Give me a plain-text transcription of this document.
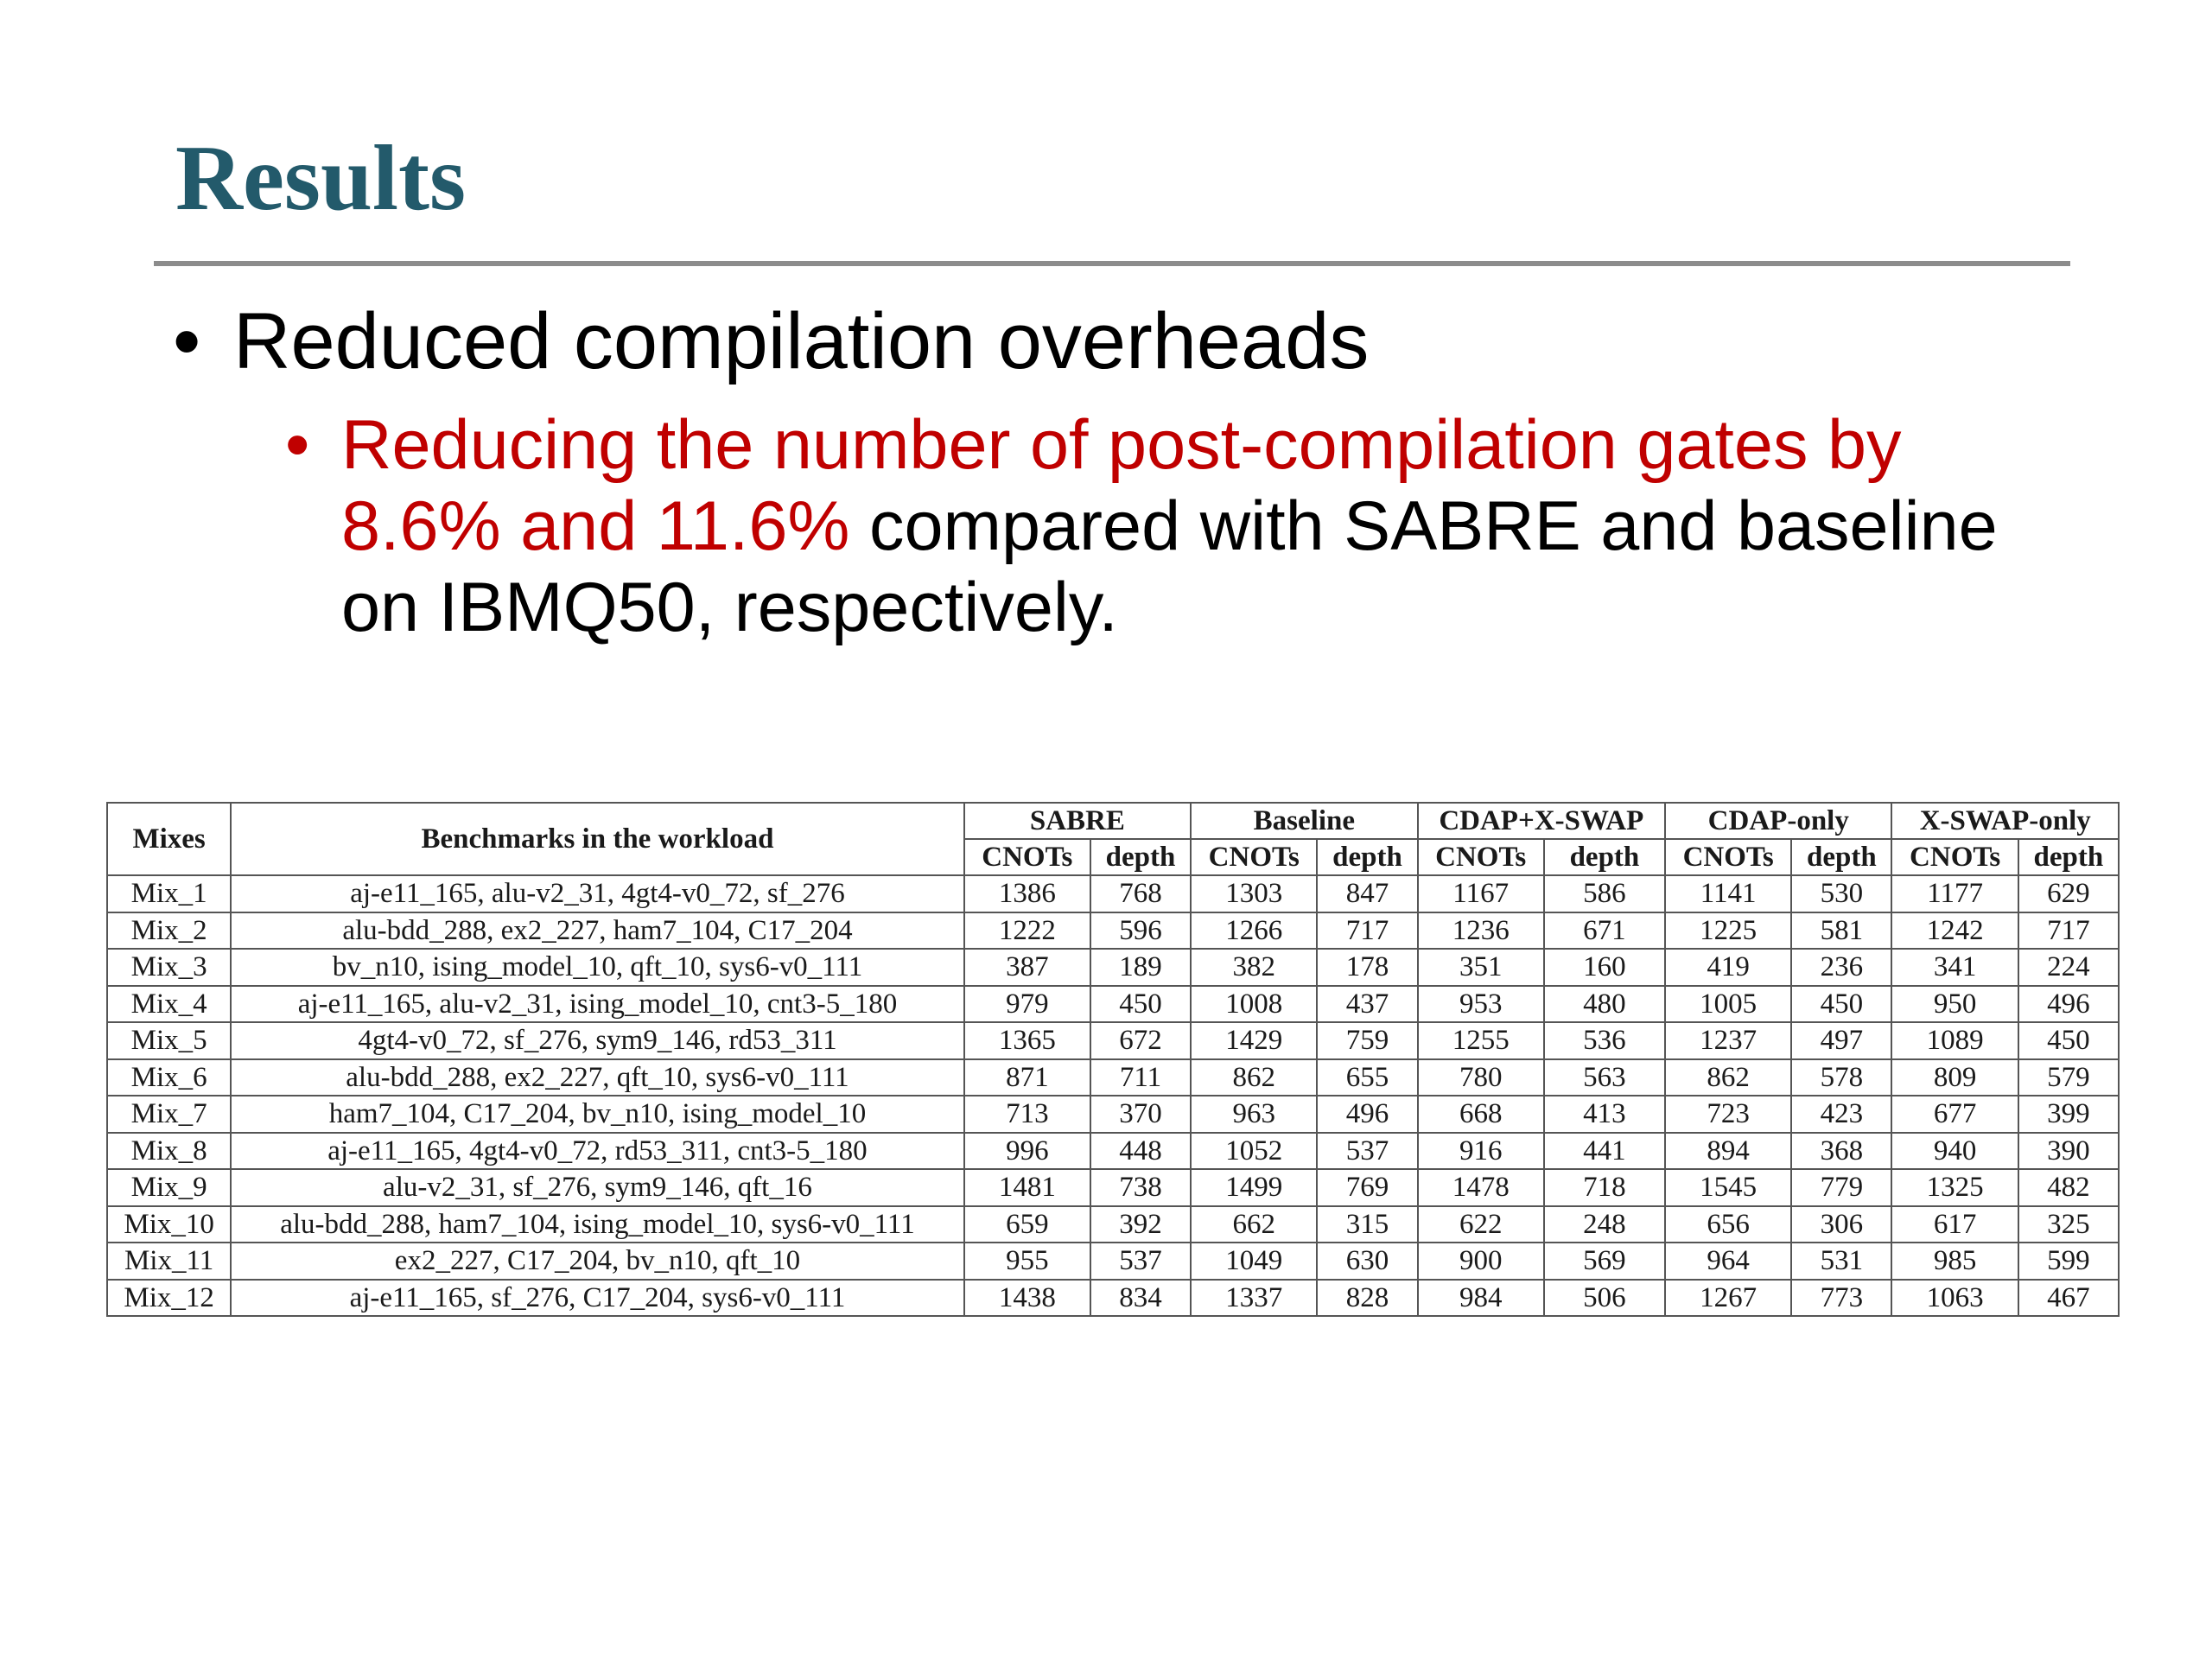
Results
• Reduced compilation overheads
• Reducing the number of post-compilation gates by 8.6% and 11.6% compared with SABRE and baseline on IBMQ50, respectively.
Mixes	Benchmarks in the workload	SABRE		Baseline		CDAP+X-SWAP		CDAP-only		X-SWAP-only	
		CNOTs	depth	CNOTs	depth	CNOTs	depth	CNOTs	depth	CNOTs	depth
Mix_1	aj-e11_165, alu-v2_31, 4gt4-v0_72, sf_276	1386	768	1303	847	1167	586	1141	530	1177	629
Mix_2	alu-bdd_288, ex2_227, ham7_104, C17_204	1222	596	1266	717	1236	671	1225	581	1242	717
Mix_3	bv_n10, ising_model_10, qft_10, sys6-v0_111	387	189	382	178	351	160	419	236	341	224
Mix_4	aj-e11_165, alu-v2_31, ising_model_10, cnt3-5_180	979	450	1008	437	953	480	1005	450	950	496
Mix_5	4gt4-v0_72, sf_276, sym9_146, rd53_311	1365	672	1429	759	1255	536	1237	497	1089	450
Mix_6	alu-bdd_288, ex2_227, qft_10, sys6-v0_111	871	711	862	655	780	563	862	578	809	579
Mix_7	ham7_104, C17_204, bv_n10, ising_model_10	713	370	963	496	668	413	723	423	677	399
Mix_8	aj-e11_165, 4gt4-v0_72, rd53_311, cnt3-5_180	996	448	1052	537	916	441	894	368	940	390
Mix_9	alu-v2_31, sf_276, sym9_146, qft_16	1481	738	1499	769	1478	718	1545	779	1325	482
Mix_10	alu-bdd_288, ham7_104, ising_model_10, sys6-v0_111	659	392	662	315	622	248	656	306	617	325
Mix_11	ex2_227, C17_204, bv_n10, qft_10	955	537	1049	630	900	569	964	531	985	599
Mix_12	aj-e11_165, sf_276, C17_204, sys6-v0_111	1438	834	1337	828	984	506	1267	773	1063	467
